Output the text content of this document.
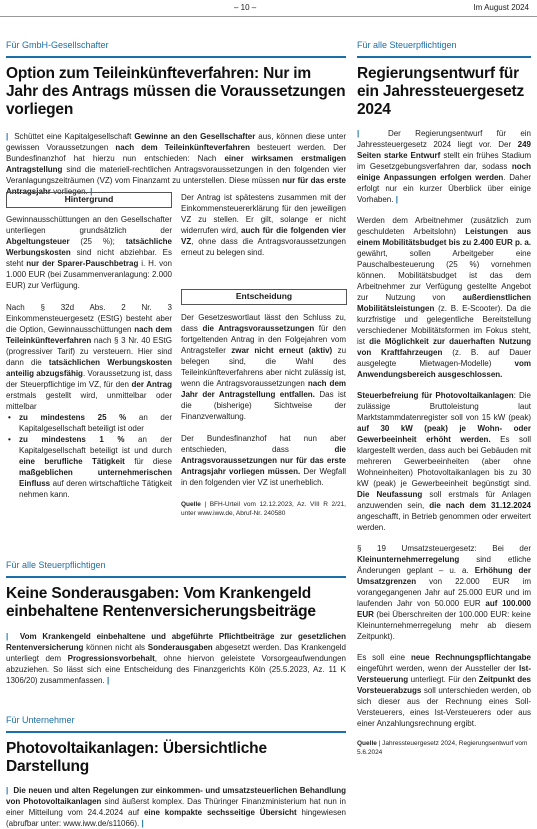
– 10 –	Im August 2024
Für GmbH-Gesellschafter
Option zum Teileinkünfteverfahren: Nur im Jahr des Antrags müssen die Voraussetzungen vorliegen

| Schüttet eine Kapitalgesellschaft Gewinne an den Gesellschafter aus, können diese unter gewissen Voraussetzungen nach dem Teileinkünfteverfahren besteuert werden. Der Bundesfinanzhof hat hierzu nun entschieden: Nach einer wirksamen erstmaligen Antragstellung sind die materiell-rechtlichen Antragsvoraussetzungen in den folgenden vier Veranlagungszeiträumen (VZ) vom Finanzamt zu unterstellen. Diese müssen nur für das erste Antragsjahr vorliegen. |

Hintergrund

Gewinnausschüttungen an den Gesellschafter unterliegen grundsätzlich der Abgeltungsteuer (25 %); tatsächliche Werbungskosten sind nicht abziehbar. Es steht nur der Sparer-Pauschbetrag i. H. von 1.000 EUR (bei Zusammenveranlagung: 2.000 EUR) zur Verfügung.

Nach § 32d Abs. 2 Nr. 3 Einkommensteuergesetz (EStG) besteht aber die Option, Gewinnausschüttungen nach dem Teileinkünfteverfahren nach § 3 Nr. 40 EStG (progressiver Tarif) zu versteuern. Hier sind dann die tatsächlichen Werbungskosten anteilig abzugsfähig. Voraussetzung ist, dass der Steuerpflichtige im VZ, für den der Antrag erstmals gestellt wird, unmittelbar oder mittelbar

• zu mindestens 25 % an der Kapitalgesellschaft beteiligt ist oder
• zu mindestens 1 % an der Kapitalgesellschaft beteiligt ist und durch eine berufliche Tätigkeit für diese maßgeblichen unternehmerischen Einfluss auf deren wirtschaftliche Tätigkeit nehmen kann.

Der Antrag ist spätestens zusammen mit der Einkommensteuererklärung für den jeweiligen VZ zu stellen. Er gilt, solange er nicht widerrufen wird, auch für die folgenden vier VZ, ohne dass die Antragsvoraussetzungen erneut zu belegen sind.

Entscheidung

Der Gesetzeswortlaut lässt den Schluss zu, dass die Antragsvoraussetzungen für den fortgeltenden Antrag in den Folgejahren vom Antragsteller zwar nicht erneut (aktiv) zu belegen sind, die Wahl des Teileinkünfteverfahrens aber nicht zulässig ist, wenn die Antragsvoraussetzungen nach dem Jahr der Antragstellung entfallen. Das ist die (bisherige) Sichtweise der Finanzverwaltung.

Der Bundesfinanzhof hat nun aber entschieden, dass die Antragsvoraussetzungen nur für das erste Antragsjahr vorliegen müssen. Der Wegfall in den folgenden vier VZ ist unerheblich.

Quelle | BFH-Urteil vom 12.12.2023, Az. VIII R 2/21, unter www.iww.de, Abruf-Nr. 240580
Für alle Steuerpflichtigen
Keine Sonderausgaben: Vom Krankengeld einbehaltene Rentenversicherungsbeiträge

| Vom Krankengeld einbehaltene und abgeführte Pflichtbeiträge zur gesetzlichen Rentenversicherung können nicht als Sonderausgaben abgesetzt werden. Das Krankengeld unterliegt dem Progressionsvorbehalt, ohne hiervon geleistete Vorsorgeaufwendungen abzuziehen. So lässt sich eine Entscheidung des Finanzgerichts Köln (25.5.2023, Az. 11 K 1306/20) zusammenfassen. |

Für Unternehmer
Photovoltaikanlagen: Übersichtliche Darstellung

| Die neuen und alten Regelungen zur einkommen- und umsatzsteuerlichen Behandlung von Photovoltaikanlagen sind äußerst komplex. Das Thüringer Finanzministerium hat nun in einer Mitteilung vom 24.4.2024 auf eine kompakte sechsseitige Übersicht hingewiesen (abrufbar unter: www.iww.de/s11066). |

Für alle Steuerpflichtigen
Regierungsentwurf für ein Jahressteuergesetz 2024

|	Der Regierungsentwurf für ein Jahressteuergesetz 2024 liegt vor. Der 249 Seiten starke Entwurf stellt ein frühes Stadium im Gesetzgebungsverfahren dar, sodass noch einige Anpassungen erfolgen werden. Daher erfolgt nur ein kurzer Überblick über einige Vorhaben. |

Werden dem Arbeitnehmer (zusätzlich zum geschuldeten Arbeitslohn) Leistungen aus einem Mobilitätsbudget bis zu 2.400 EUR p. a. gewährt, sollen Arbeitgeber eine Pauschalbesteuerung (25 %) vornehmen können. Mobilitätsbudget ist das dem Arbeitnehmer zur Verfügung gestellte Angebot zur Nutzung von außerdienstlichen Mobilitätsleistungen (z. B. E-Scooter). Da die kurzfristige und gelegentliche Bereitstellung verschiedener Mobilitätsformen im Fokus steht, ist die Möglichkeit zur dauerhaften Nutzung von Kraftfahrzeugen (z. B. auf Dauer ausgelegte Mietwagen-Modelle) vom Anwendungsbereich ausgeschlossen.

Steuerbefreiung für Photovoltaikanlagen: Die zulässige Bruttoleistung laut Marktstammdatenregister soll von 15 kW (peak) auf 30 kW (peak) je Wohn- oder Gewerbeeinheit erhöht werden. Es soll klargestellt werden, dass auch bei Gebäuden mit mehreren Gewerbeeinheiten (aber ohne Wohneinheiten) Photovoltaikanlagen bis zu 30 kW (peak) je Gewerbeeinheit begünstigt sind. Die Neufassung soll erstmals für Anlagen anzuwenden sein, die nach dem 31.12.2024 angeschafft, in Betrieb genommen oder erweitert werden.

§ 19 Umsatzsteuergesetz: Bei der Kleinunternehmerregelung sind etliche Änderungen geplant – u. a. Erhöhung der Umsatzgrenzen von 22.000 EUR im vorangegangenen Jahr auf 25.000 EUR und im laufenden Jahr von 50.000 EUR auf 100.000 EUR (bei Überschreiten der 100.000 EUR: keine Kleinunternehmerregelung mehr ab diesem Zeitpunkt).

Es soll eine neue Rechnungspflichtangabe eingeführt werden, wenn der Aussteller der Ist-Versteuerung unterliegt. Für den Zeitpunkt des Vorsteuerabzugs soll unterschieden werden, ob sich dieser aus der Rechnung eines Soll-Versteuerers, eines Ist-Versteuerers oder aus einer Anzahlungsrechnung ergibt.

Quelle | Jahressteuergesetz 2024, Regierungsentwurf vom 5.6.2024
